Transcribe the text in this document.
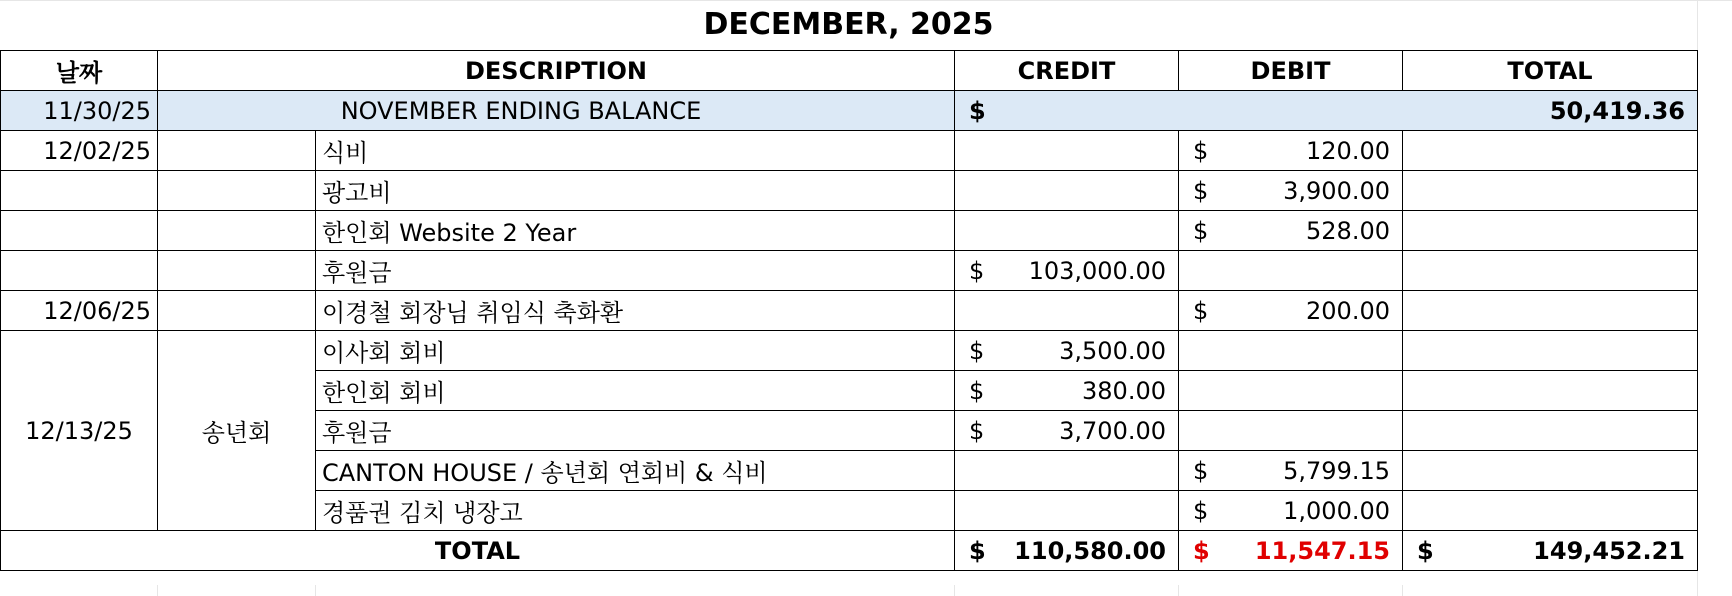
DECEMBER, 2025
날짜	DESCRIPTION		CREDIT	DEBIT	TOTAL
11/30/25	NOVEMBER ENDING BALANCE		$		50,419.36
12/02/25		식비		$ 120.00	

		광고비		$ 3,900.00	

		한인회 Website 2 Year		$ 528.00	

		후원금	$ 103,000.00		

12/06/25		이경철 회장님 취임식 축화환		$ 200.00	

12/13/25	송년회	이사회 회비	$ 3,500.00		

		한인회 회비	$ 380.00		

		후원금	$ 3,700.00		

		CANTON HOUSE / 송년회 연회비 & 식비		$ 5,799.15	

		경품권 김치 냉장고		$ 1,000.00	

TOTAL			$ 110,580.00	$ 11,547.15	$ 149,452.21
